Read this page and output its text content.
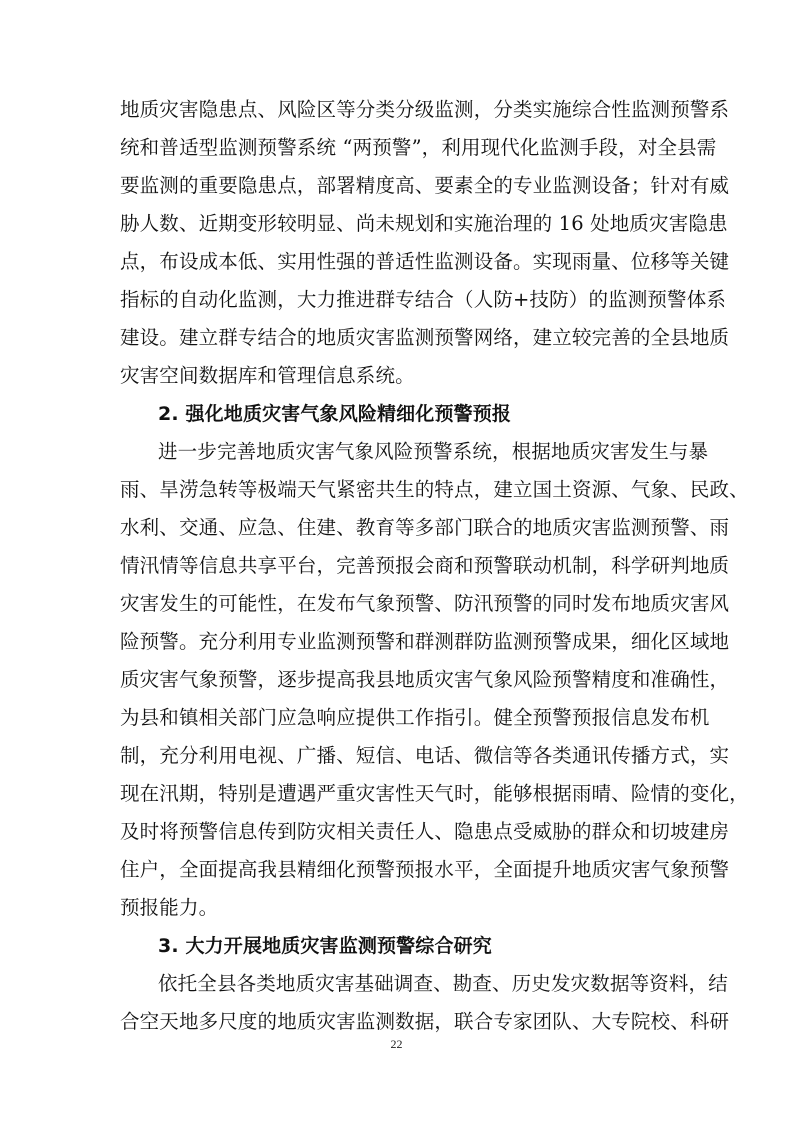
地质灾害隐患点、风险区等分类分级监测，分类实施综合性监测预警系
统和普适型监测预警系统 “两预警”，利用现代化监测手段，对全县需
要监测的重要隐患点，部署精度高、要素全的专业监测设备；针对有威
胁人数、近期变形较明显、尚未规划和实施治理的 16 处地质灾害隐患
点，布设成本低、实用性强的普适性监测设备。实现雨量、位移等关键
指标的自动化监测，大力推进群专结合（人防+技防）的监测预警体系
建设。建立群专结合的地质灾害监测预警网络，建立较完善的全县地质
灾害空间数据库和管理信息系统。
2. 强化地质灾害气象风险精细化预警预报
进一步完善地质灾害气象风险预警系统，根据地质灾害发生与暴
雨、旱涝急转等极端天气紧密共生的特点，建立国土资源、气象、民政、
水利、交通、应急、住建、教育等多部门联合的地质灾害监测预警、雨
情汛情等信息共享平台，完善预报会商和预警联动机制，科学研判地质
灾害发生的可能性，在发布气象预警、防汛预警的同时发布地质灾害风
险预警。充分利用专业监测预警和群测群防监测预警成果，细化区域地
质灾害气象预警，逐步提高我县地质灾害气象风险预警精度和准确性，
为县和镇相关部门应急响应提供工作指引。健全预警预报信息发布机
制，充分利用电视、广播、短信、电话、微信等各类通讯传播方式，实
现在汛期，特别是遭遇严重灾害性天气时，能够根据雨晴、险情的变化，
及时将预警信息传到防灾相关责任人、隐患点受威胁的群众和切坡建房
住户，全面提高我县精细化预警预报水平，全面提升地质灾害气象预警
预报能力。
3. 大力开展地质灾害监测预警综合研究
依托全县各类地质灾害基础调查、勘查、历史发灾数据等资料，结
合空天地多尺度的地质灾害监测数据，联合专家团队、大专院校、科研
22
